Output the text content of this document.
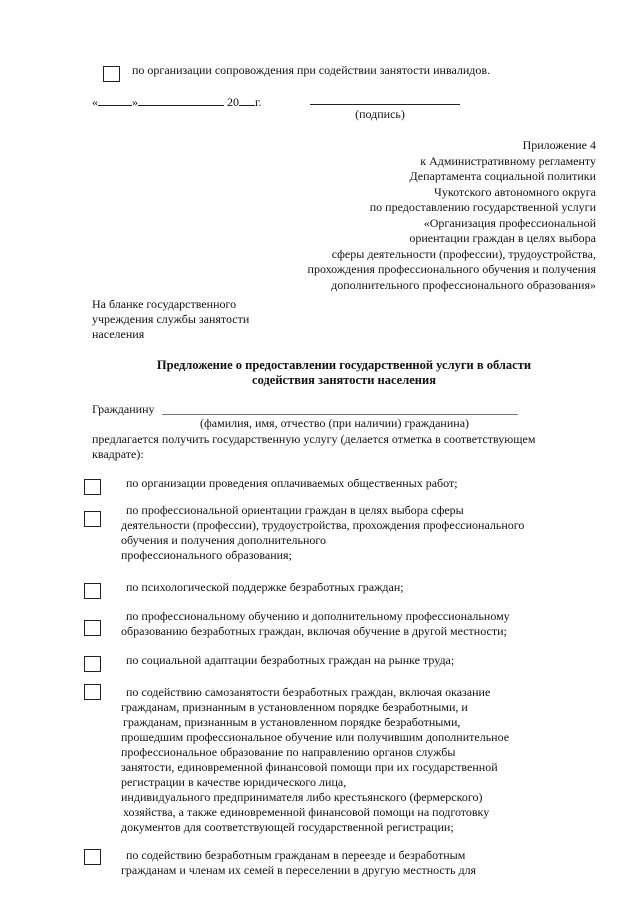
по организации сопровождения при содействии занятости инвалидов.
«	»	20 г.
(подпись)
Приложение 4
к Административному регламенту
Департамента социальной политики
Чукотского автономного округа
по предоставлению государственной услуги
«Организация профессиональной
ориентации граждан в целях выбора
сферы деятельности (профессии), трудоустройства,
прохождения профессионального обучения и получения
дополнительного профессионального образования»
На бланке государственного
учреждения службы занятости
населения
Предложение о предоставлении государственной услуги в области
содействия занятости населения
Гражданину
(фамилия, имя, отчество (при наличии) гражданина)
предлагается получить государственную услугу (делается отметка в соответствующем
квадрате):
по организации проведения оплачиваемых общественных работ;
по профессиональной ориентации граждан в целях выбора сферы
деятельности (профессии), трудоустройства, прохождения профессионального
обучения и получения дополнительного
профессионального образования;
по психологической поддержке безработных граждан;
по профессиональному обучению и дополнительному профессиональному
образованию безработных граждан, включая обучение в другой местности;
по социальной адаптации безработных граждан на рынке труда;
по содействию самозанятости безработных граждан, включая оказание
гражданам, признанным в установленном порядке безработными, и
гражданам, признанным в установленном порядке безработными,
прошедшим профессиональное обучение или получившим дополнительное
профессиональное образование по направлению органов службы
занятости, единовременной финансовой помощи при их государственной
регистрации в качестве юридического лица,
индивидуального предпринимателя либо крестьянского (фермерского)
хозяйства, а также единовременной финансовой помощи на подготовку
документов для соответствующей государственной регистрации;
по содействию безработным гражданам в переезде и безработным
гражданам и членам их семей в переселении в другую местность для
